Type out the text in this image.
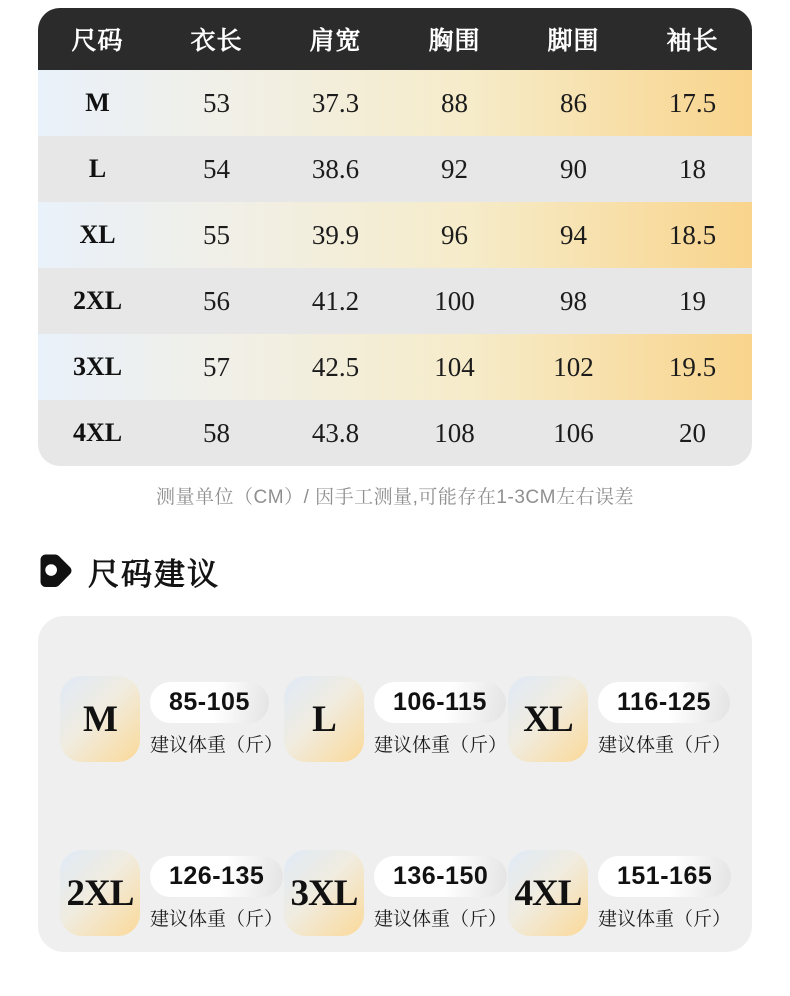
尺码	衣长	肩宽	胸围	脚围	袖长
M	53	37.3	88	86	17.5
L	54	38.6	92	90	18
XL	55	39.9	96	94	18.5
2XL	56	41.2	100	98	19
3XL	57	42.5	104	102	19.5
4XL	58	43.8	108	106	20
测量单位（CM）/ 因手工测量,可能存在1-3CM左右误差
尺码建议
M	85-105
建议体重（斤）
L	106-115
建议体重（斤）
XL	116-125
建议体重（斤）
2XL	126-135
建议体重（斤）
3XL	136-150
建议体重（斤）
4XL	151-165
建议体重（斤）
